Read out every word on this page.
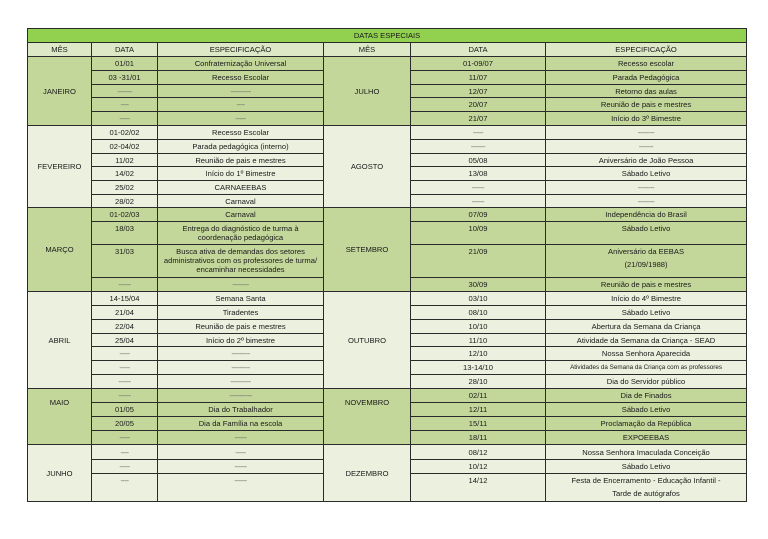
DATAS ESPECIAIS					
MÊS	DATA	ESPECIFICAÇÃO	MÊS	DATA	ESPECIFICAÇÃO
JANEIRO	01/01	Confraternização Universal	JULHO	01-09/07	Recesso escolar
	03 -31/01	Recesso Escolar		11/07	Parada Pedagógica
	-------	----------		12/07	Retorno das aulas
	----	----		20/07	Reunião de pais e mestres
	-----	-----		21/07	Início do 3º Bimestre
FEVEREIRO	01-02/02	Recesso Escolar	AGOSTO	-----	--------
	02-04/02	Parada pedagógica (interno)		-------	-------
	11/02	Reunião de pais e mestres		05/08	Aniversário de João Pessoa
	14/02	Início do 1º Bimestre		13/08	Sábado Letivo
	25/02	CARNAEEBAS		------	--------
	28/02	Carnaval		------	--------
MARÇO	01-02/03	Carnaval	SETEMBRO	07/09	Independência do Brasil
	18/03	Entrega do diagnóstico de turma à coordenação pedagógica		10/09	Sábado Letivo
	31/03	Busca ativa de demandas dos setores administrativos com os professores de turma/ encaminhar necessidades		21/09	Aniversário da EEBAS
(21/09/1988)

	------	--------		30/09	Reunião de pais e mestres
ABRIL	14-15/04	Semana Santa	OUTUBRO	03/10	Início do 4º Bimestre
	21/04	Tiradentes		08/10	Sábado Letivo
	22/04	Reunião de pais e mestres		10/10	Abertura da Semana da Criança
	25/04	Início do 2º bimestre		11/10	Atividade da Semana da Criança - SEAD
	-----	---------		12/10	Nossa Senhora Aparecida
	-----	---------		13-14/10	Atividades da Semana da Criança com as professores
	------	----------		28/10	Dia do Servidor público
MAIO	------	-----------	NOVEMBRO	02/11	Dia de Finados
	01/05	Dia do Trabalhador		12/11	Sábado Letivo
	20/05	Dia da Família na escola		15/11	Proclamação da República
	-----	------		18/11	EXPOEEBAS
JUNHO	----	-----	DEZEMBRO	08/12	Nossa Senhora Imaculada Conceição
	-----	------		10/12	Sábado Letivo
	----	------		14/12	Festa de Encerramento - Educação Infantil -
Tarde de autógrafos
